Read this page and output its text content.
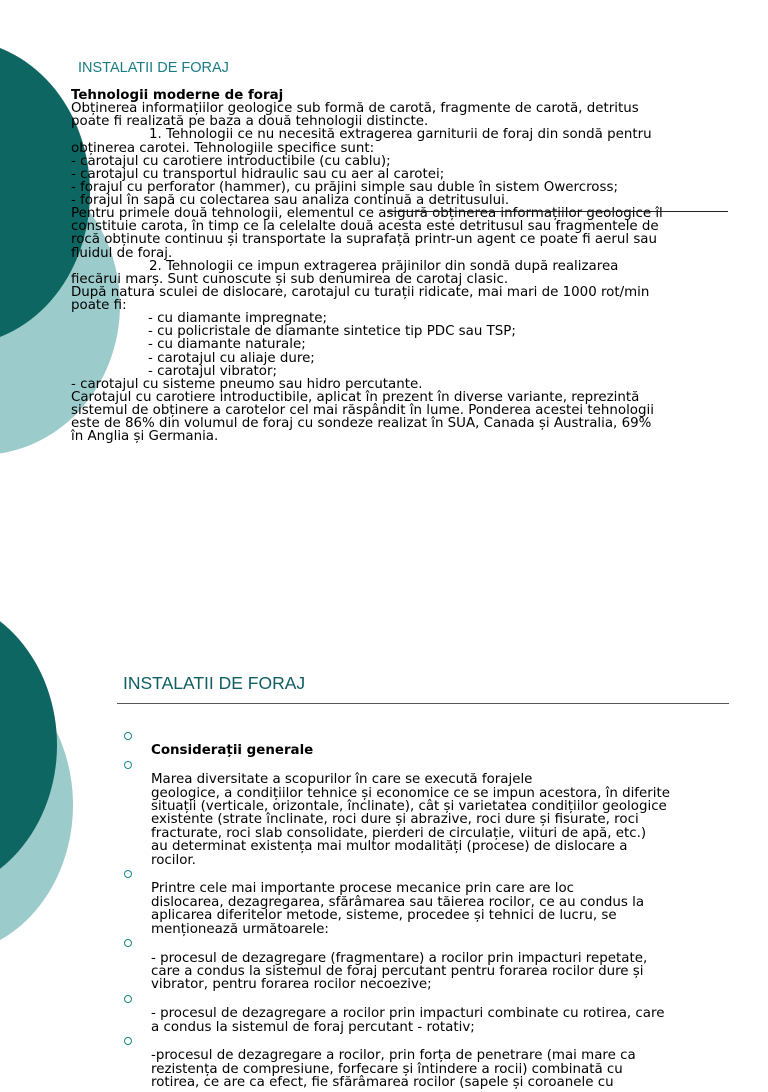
INSTALATII DE FORAJ

Tehnologii moderne de foraj

Obținerea informațiilor geologice sub formă de carotă, fragmente de carotă, detritus
poate fi realizată pe baza a două tehnologii distincte.

1. Tehnologii ce nu necesită extragerea garniturii de foraj din sondă pentru
obținerea carotei. Tehnologiile specifice sunt:

- carotajul cu carotiere introductibile (cu cablu);

- carotajul cu transportul hidraulic sau cu aer al carotei;

- forajul cu perforator (hammer), cu prăjini simple sau duble în sistem Owercross;

- forajul în sapă cu colectarea sau analiza continuă a detritusului.

Pentru primele două tehnologii, elementul ce asigură obținerea informațiilor geologice îl
constituie carota, în timp ce la celelalte două acesta este detritusul sau fragmentele de
rocă obținute continuu și transportate la suprafață printr-un agent ce poate fi aerul sau
fluidul de foraj.

2. Tehnologii ce impun extragerea prăjinilor din sondă după realizarea
fiecărui marș. Sunt cunoscute și sub denumirea de carotaj clasic.

După natura sculei de dislocare, carotajul cu turații ridicate, mai mari de 1000 rot/min
poate fi:

- cu diamante impregnate;

- cu policristale de diamante sintetice tip PDC sau TSP;

- cu diamante naturale;

- carotajul cu aliaje dure;

- carotajul vibrator;

- carotajul cu sisteme pneumo sau hidro percutante.

Carotajul cu carotiere introductibile, aplicat în prezent în diverse variante, reprezintă
sistemul de obținere a carotelor cel mai răspândit în lume. Ponderea acestei tehnologii
este de 86% din volumul de foraj cu sondeze realizat în SUA, Canada și Australia, 69%
în Anglia și Germania.

INSTALATII DE FORAJ

Considerații generale

Marea diversitate a scopurilor în care se execută forajele
geologice, a condițiilor tehnice și economice ce se impun acestora, în diferite
situații (verticale, orizontale, înclinate), cât și varietatea condițiilor geologice
existente (strate înclinate, roci dure și abrazive, roci dure și fisurate, roci
fracturate, roci slab consolidate, pierderi de circulație, viituri de apă, etc.)
au determinat existența mai multor modalități (procese) de dislocare a
rocilor.

Printre cele mai importante procese mecanice prin care are loc
dislocarea, dezagregarea, sfărâmarea sau tăierea rocilor, ce au condus la
aplicarea diferitelor metode, sisteme, procedee și tehnici de lucru, se
menționează următoarele:

- procesul de dezagregare (fragmentare) a rocilor prin impacturi repetate,
care a condus la sistemul de foraj percutant pentru forarea rocilor dure și
vibrator, pentru forarea rocilor necoezive;

- procesul de dezagregare a rocilor prin impacturi combinate cu rotirea, care
a condus la sistemul de foraj percutant - rotativ;

-procesul de dezagregare a rocilor, prin forța de penetrare (mai mare ca
rezistența de compresiune, forfecare și întindere a rocii) combinată cu
rotirea, ce are ca efect, fie sfărâmarea rocilor (sapele și coroanele cu
